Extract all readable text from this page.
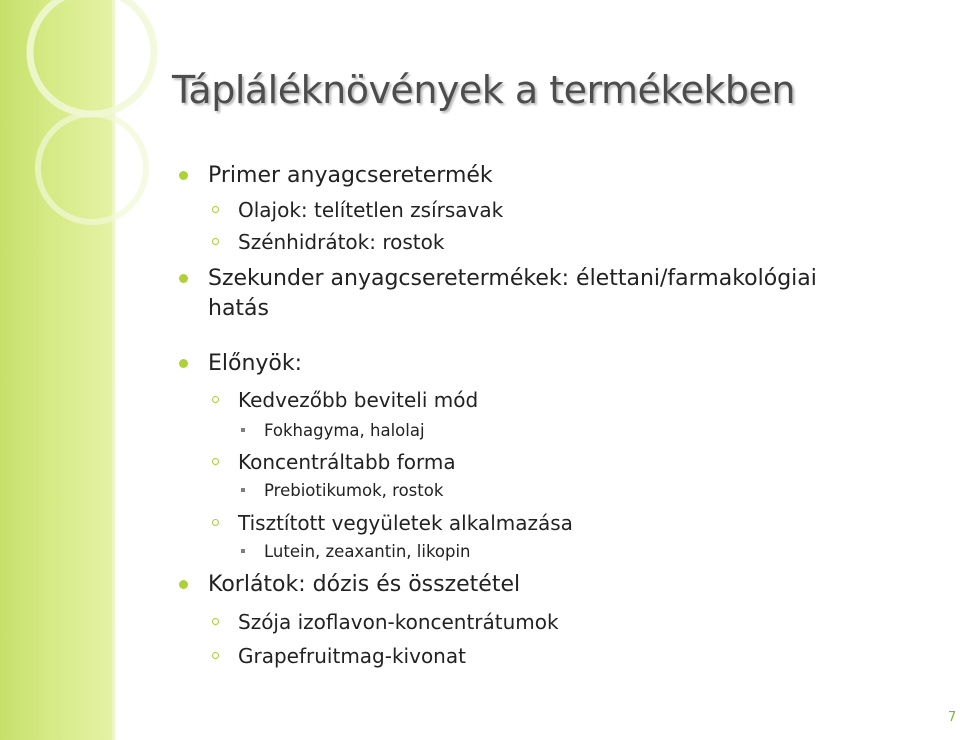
Tápláléknövények a termékekben
Primer anyagcseretermék
Olajok: telítetlen zsírsavak
Szénhidrátok: rostok
Szekunder anyagcseretermékek: élettani/farmakológiai
hatás
Előnyök:
Kedvezőbb beviteli mód
Fokhagyma, halolaj
Koncentráltabb forma
Prebiotikumok, rostok
Tisztított vegyületek alkalmazása
Lutein, zeaxantin, likopin
Korlátok: dózis és összetétel
Szója izoflavon-koncentrátumok
Grapefruitmag-kivonat
7
